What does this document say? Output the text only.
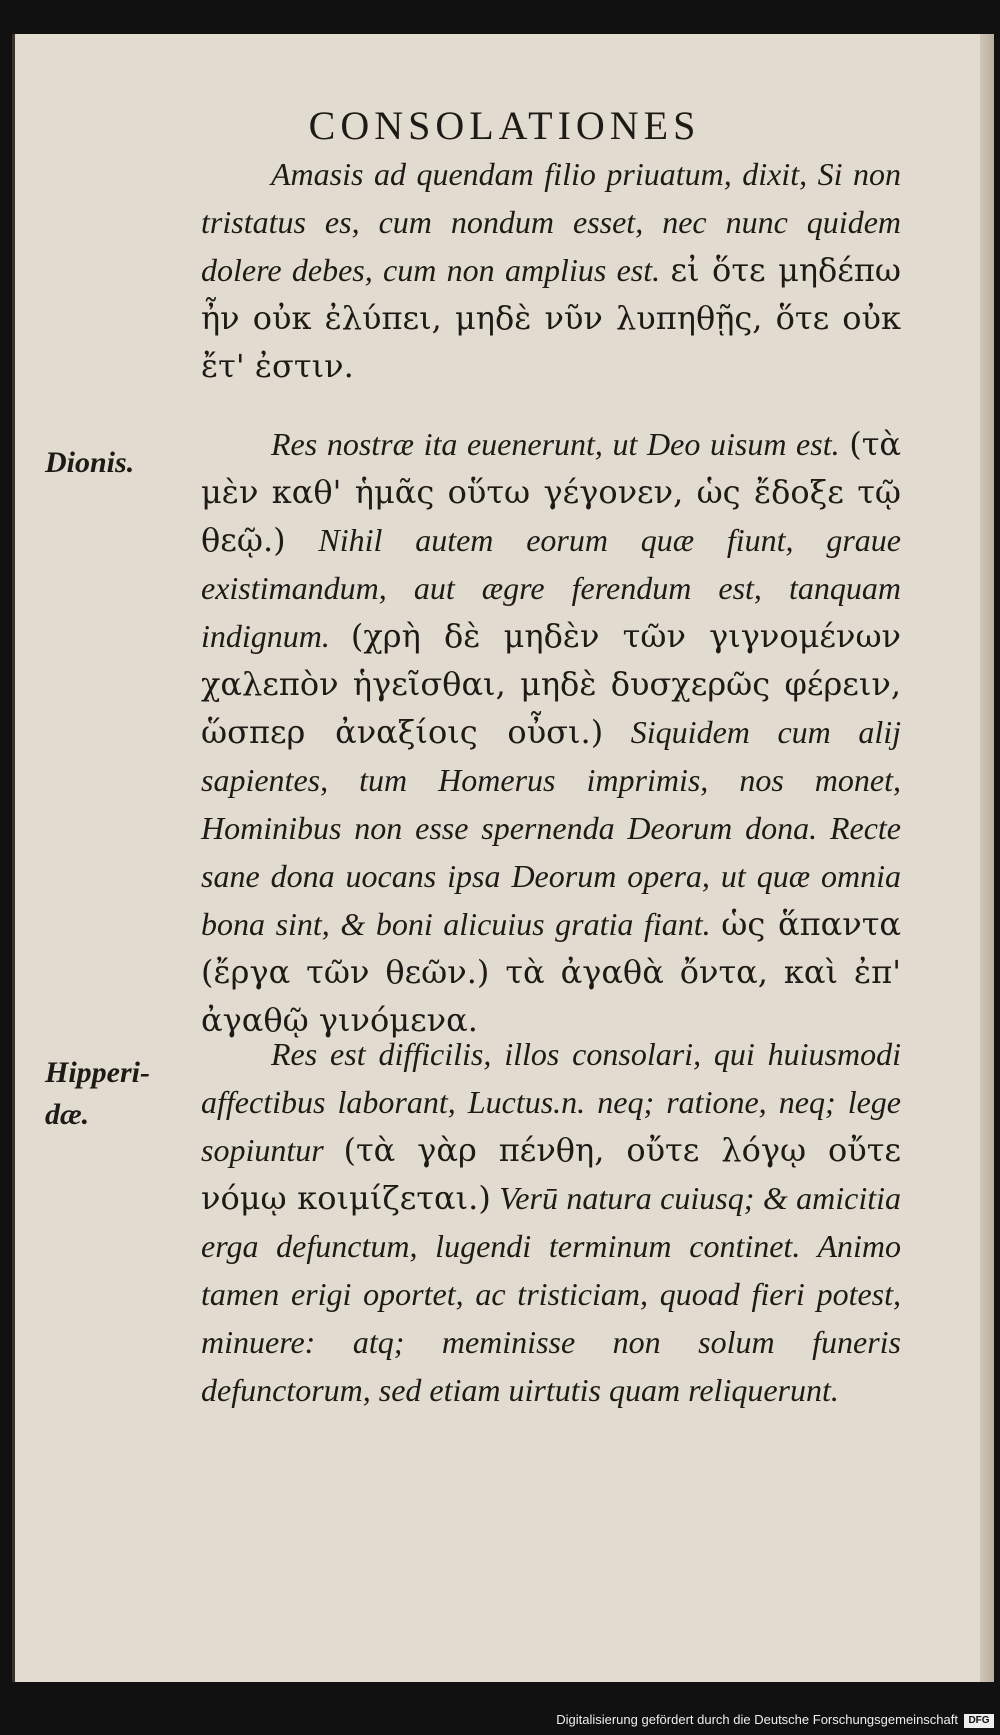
CONSOLATIONES
Dionis.
Hipperi-dæ.

Amasis ad quendam filio priuatum, dixit, Si non tristatus es, cum nondum esset, nec nunc quidem dolere debes, cum non amplius est. εἰ ὅτε μηδέπω ἦν οὐκ ἐλύπει, μηδὲ νῦν λυπηθῇς, ὅτε οὐκ ἔτ' ἐστιν.

Res nostræ ita euenerunt, ut Deo uisum est. (τὰ μὲν καθ' ἡμᾶς οὕτω γέγονεν, ὡς ἔδοξε τῷ θεῷ.) Nihil autem eorum quæ fiunt, graue existimandum, aut ægre ferendum est, tanquam indignum. (χρὴ δὲ μηδὲν τῶν γιγνομένων χαλεπὸν ἡγεῖσθαι, μηδὲ δυσχερῶς φέρειν, ὥσπερ ἀναξίοις οὖσι.) Siquidem cum alij sapientes, tum Homerus imprimis, nos monet, Hominibus non esse spernenda Deorum dona. Recte sane dona uocans ipsa Deorum opera, ut quæ omnia bona sint, & boni alicuius gratia fiant. ὡς ἅπαντα (ἔργα τῶν θεῶν.) τὰ ἀγαθὰ ὄντα, καὶ ἐπ' ἀγαθῷ γινόμενα.

Res est difficilis, illos consolari, qui huiusmodi affectibus laborant, Luctus.n. neq; ratione, neq; lege sopiuntur (τὰ γὰρ πένθη, οὔτε λόγῳ οὔτε νόμῳ κοιμίζεται.) Verū natura cuiusq; & amicitia erga defunctum, lugendi terminum continet. Animo tamen erigi oportet, ac tristiciam, quoad fieri potest, minuere: atq; meminisse non solum funeris defunctorum, sed etiam uirtutis quam reliquerunt.

Digitalisierung gefördert durch die Deutsche Forschungsgemeinschaft	DFG
